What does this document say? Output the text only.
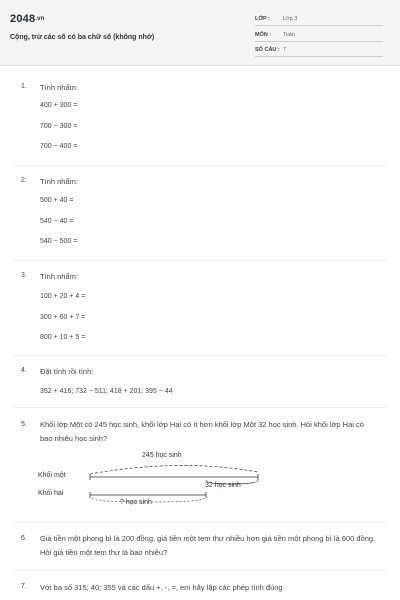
2048.vn
Cộng, trừ các số có ba chữ số (không nhớ)
LỚP : Lớp 3
MÔN : Toán
SỐ CÂU : 7
1. Tính nhẩm:
400 + 300 =
700 − 300 =
700 − 400 =
2. Tính nhẩm:
500 + 40 =
540 − 40 =
540 − 500 =
3. Tính nhẩm:
100 + 20 + 4 =
300 + 60 + 7 =
800 + 10 + 5 =
4. Đặt tính rồi tính:
352 + 416; 732 − 511; 418 + 201; 395 − 44
5. Khối lớp Một có 245 học sinh, khối lớp Hai có ít hơn khối lớp Một 32 học sinh. Hỏi khối lớp Hai có bao nhiêu học sinh?
245 học sinh
Khối một
Khối hai
32 học sinh
? học sinh
6. Giá tiền một phong bì là 200 đồng, giá tiền một tem thư nhiều hơn giá tiền một phong bì là 600 đồng. Hỏi giá tiền một tem thư là bao nhiêu?
7. Với ba số 315; 40; 355 và các dấu +, -, =, em hãy lập các phép tính đúng
